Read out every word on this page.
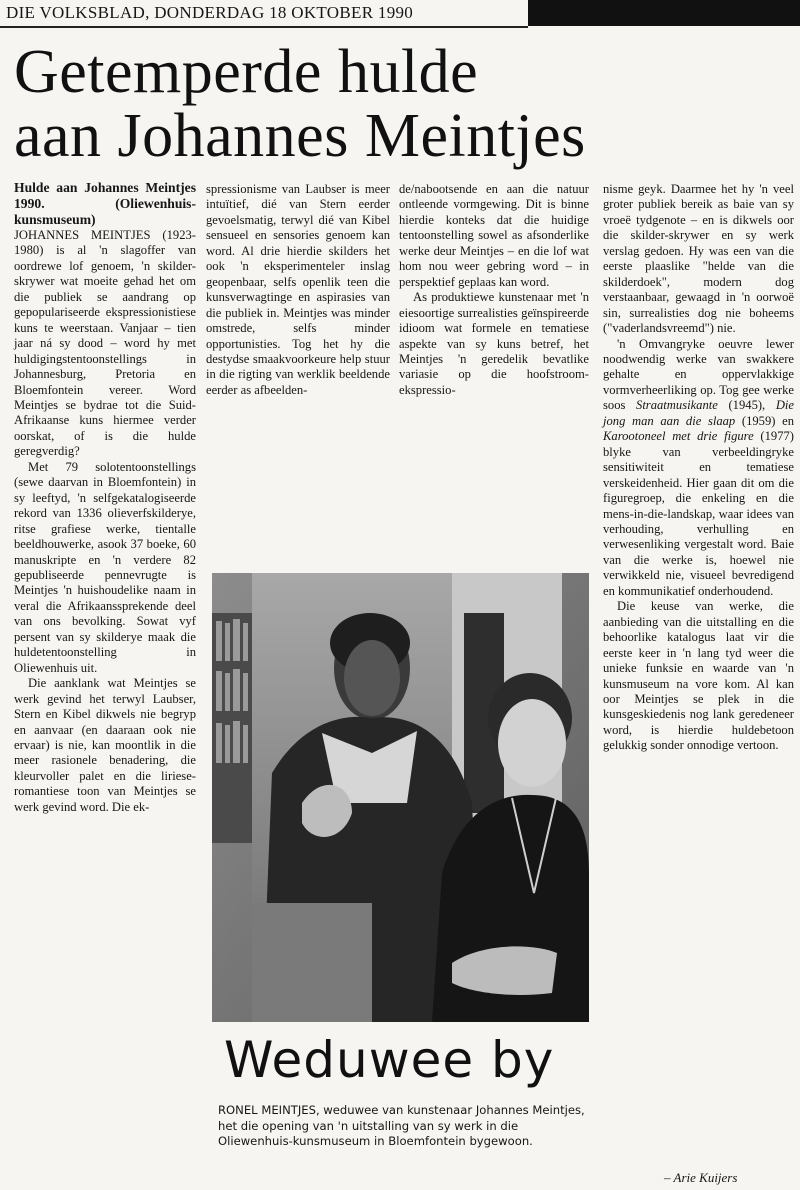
DIE VOLKSBLAD, DONDERDAG 18 OKTOBER 1990
Getemperde hulde
aan Johannes Meintjes

Hulde aan Johannes Meintjes 1990. (Oliewenhuis-kunsmuseum)

JOHANNES MEINTJES (1923-1980) is al 'n slagoffer van oordrewe lof genoem, 'n skilder-skrywer wat moeite gehad het om die publiek se aandrang op gepopulariseerde ekspressionistiese kuns te weerstaan. Vanjaar – tien jaar ná sy dood – word hy met huldigingstentoonstellings in Johannesburg, Pretoria en Bloemfontein vereer. Word Meintjes se bydrae tot die Suid-Afrikaanse kuns hiermee verder oorskat, of is die hulde geregverdig?

Met 79 solotentoonstellings (sewe daarvan in Bloemfontein) in sy leeftyd, 'n selfgekatalogiseerde rekord van 1336 olieverfskilderye, ritse grafiese werke, tientalle beeldhouwerke, asook 37 boeke, 60 manuskripte en 'n verdere 82 gepubliseerde pennevrugte is Meintjes 'n huishoudelike naam in veral die Afrikaanssprekende deel van ons bevolking. Sowat vyf persent van sy skilderye maak die huldetentoonstelling in Oliewenhuis uit.

Die aanklank wat Meintjes se werk gevind het terwyl Laubser, Stern en Kibel dikwels nie begryp en aanvaar (en daaraan ook nie ervaar) is nie, kan moontlik in die meer rasionele benadering, die kleurvoller palet en die liriese-romantiese toon van Meintjes se werk gevind word. Die ek-

spressionisme van Laubser is meer intuïtief, dié van Stern eerder gevoelsmatig, terwyl dié van Kibel sensueel en sensories genoem kan word. Al drie hierdie skilders het ook 'n eksperimenteler inslag geopenbaar, selfs openlik teen die kunsverwagtinge en aspirasies van die publiek in. Meintjes was minder omstrede, selfs minder opportunisties. Tog het hy die destydse smaakvoorkeure help stuur in die rigting van werklik beeldende eerder as afbeelden-

de/nabootsende en aan die natuur ontleende vormgewing. Dit is binne hierdie konteks dat die huidige tentoonstelling sowel as afsonderlike werke deur Meintjes – en die lof wat hom nou weer gebring word – in perspektief geplaas kan word.

As produktiewe kunstenaar met 'n eiesoortige surrealisties geïnspireerde idioom wat formele en tematiese aspekte van sy kuns betref, het Meintjes 'n geredelik bevatlike variasie op die hoofstroom-ekspressio-

nisme geyk. Daarmee het hy 'n veel groter publiek bereik as baie van sy vroeë tydgenote – en is dikwels oor die skilder-skrywer en sy werk verslag gedoen. Hy was een van die eerste plaaslike "helde van die skilderdoek", modern dog verstaanbaar, gewaagd in 'n oorwoë sin, surrealisties dog nie boheems ("vaderlandsvreemd") nie.

'n Omvangryke oeuvre lewer noodwendig werke van swakkere gehalte en oppervlakkige vormverheerliking op. Tog gee werke soos Straatmusikante (1945), Die jong man aan die slaap (1959) en Karootoneel met drie figure (1977) blyke van verbeeldingryke sensitiwiteit en tematiese verskeidenheid. Hier gaan dit om die figuregroep, die enkeling en die mens-in-die-landskap, waar idees van verhouding, verhulling en verwesenliking vergestalt word. Baie van die werke is, hoewel nie verwikkeld nie, visueel bevredigend en kommunikatief onderhoudend.

Die keuse van werke, die aanbieding van die uitstalling en die behoorlike katalogus laat vir die eerste keer in 'n lang tyd weer die unieke funksie en waarde van 'n kunsmuseum na vore kom. Al kan oor Meintjes se plek in die kunsgeskiedenis nog lank geredeneer word, is hierdie huldebetoon gelukkig sonder onnodige vertoon.

Weduwee by
RONEL MEINTJES, weduwee van kunstenaar Johannes Meintjes, het die opening van 'n uitstalling van sy werk in die Oliewenhuis-kunsmuseum in Bloemfontein bygewoon.
– Arie Kuijers
